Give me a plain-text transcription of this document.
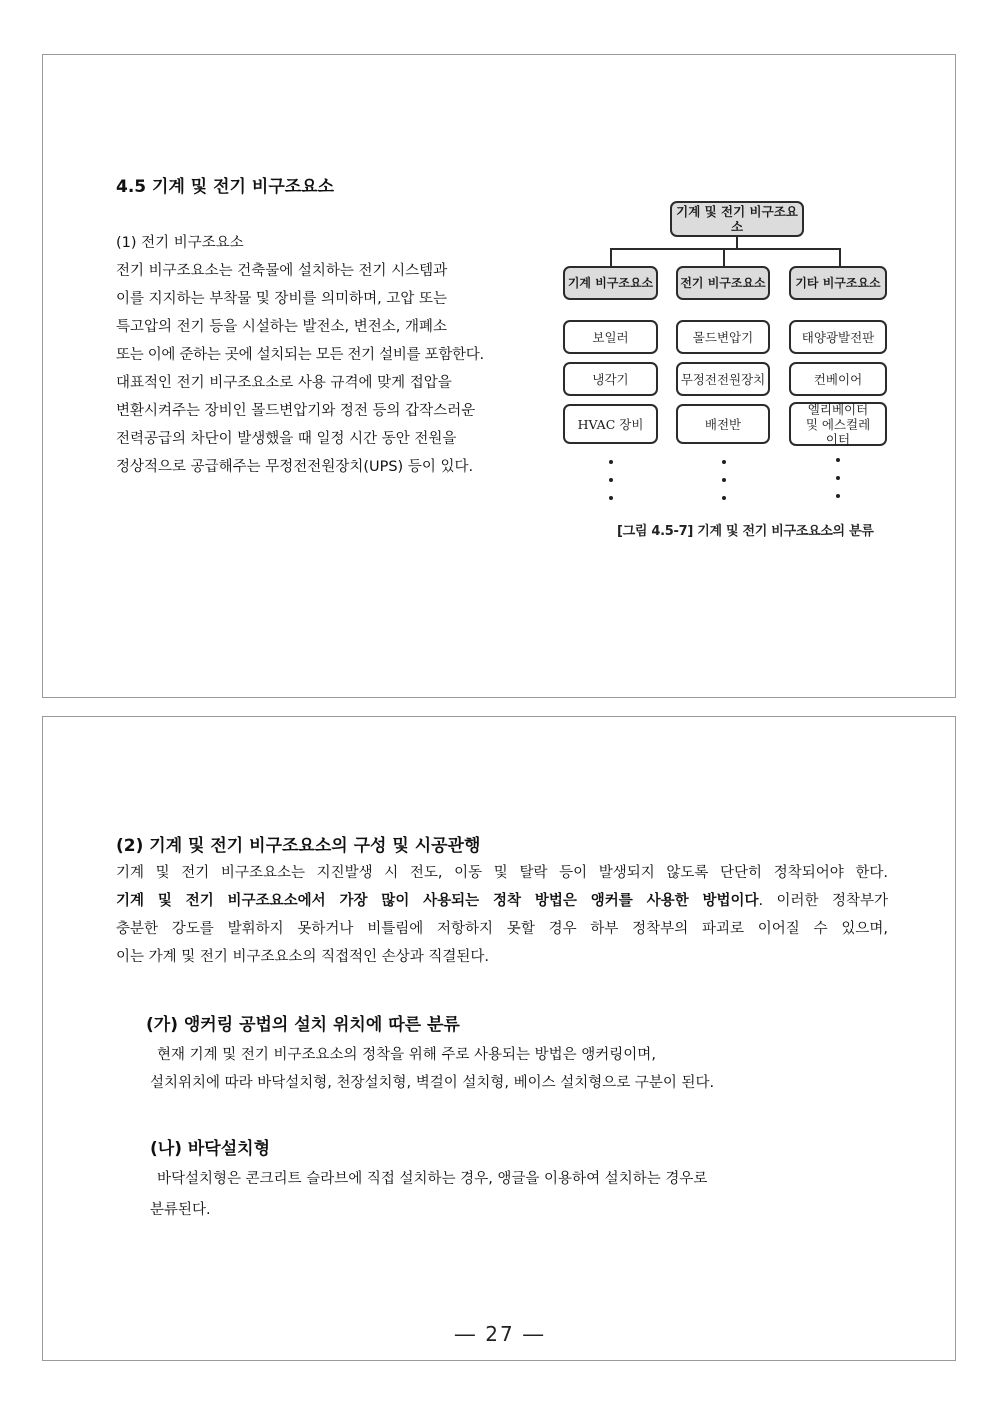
4.5 기계 및 전기 비구조요소
(1) 전기 비구조요소
전기 비구조요소는 건축물에 설치하는 전기 시스템과
이를 지지하는 부착물 및 장비를 의미하며, 고압 또는
특고압의 전기 등을 시설하는 발전소, 변전소, 개폐소
또는 이에 준하는 곳에 설치되는 모든 전기 설비를 포함한다.
대표적인 전기 비구조요소로 사용 규격에 맞게 접압을
변환시켜주는 장비인 몰드변압기와 정전 등의 갑작스러운
전력공급의 차단이 발생했을 때 일정 시간 동안 전원을
정상적으로 공급해주는 무정전전원장치(UPS) 등이 있다.
기계 및 전기 비구조요소
기계 비구조요소
보일러
냉각기
HVAC 장비
전기 비구조요소
몰드변압기
무정전전원장치
배전반
기타 비구조요소
태양광발전판
컨베이어
엘리베이터 및 에스컬레이터
[그림 4.5-7] 기계 및 전기 비구조요소의 분류
(2) 기계 및 전기 비구조요소의 구성 및 시공관행
기계 및 전기 비구조요소는 지진발생 시 전도, 이동 및 탈락 등이 발생되지 않도록 단단히 정착되어야 한다.
기계 및 전기 비구조요소에서 가장 많이 사용되는 정착 방법은 앵커를 사용한 방법이다. 이러한 정착부가
충분한 강도를 발휘하지 못하거나 비틀림에 저항하지 못할 경우 하부 정착부의 파괴로 이어질 수 있으며,
이는 가계 및 전기 비구조요소의 직접적인 손상과 직결된다.
(가) 앵커링 공법의 설치 위치에 따른 분류
현재 기계 및 전기 비구조요소의 정착을 위해 주로 사용되는 방법은 앵커링이며,
설치위치에 따라 바닥설치형, 천장설치형, 벽걸이 설치형, 베이스 설치형으로 구분이 된다.
(나) 바닥설치형
바닥설치형은 콘크리트 슬라브에 직접 설치하는 경우, 앵글을 이용하여 설치하는 경우로
분류된다.
― 27 ―
